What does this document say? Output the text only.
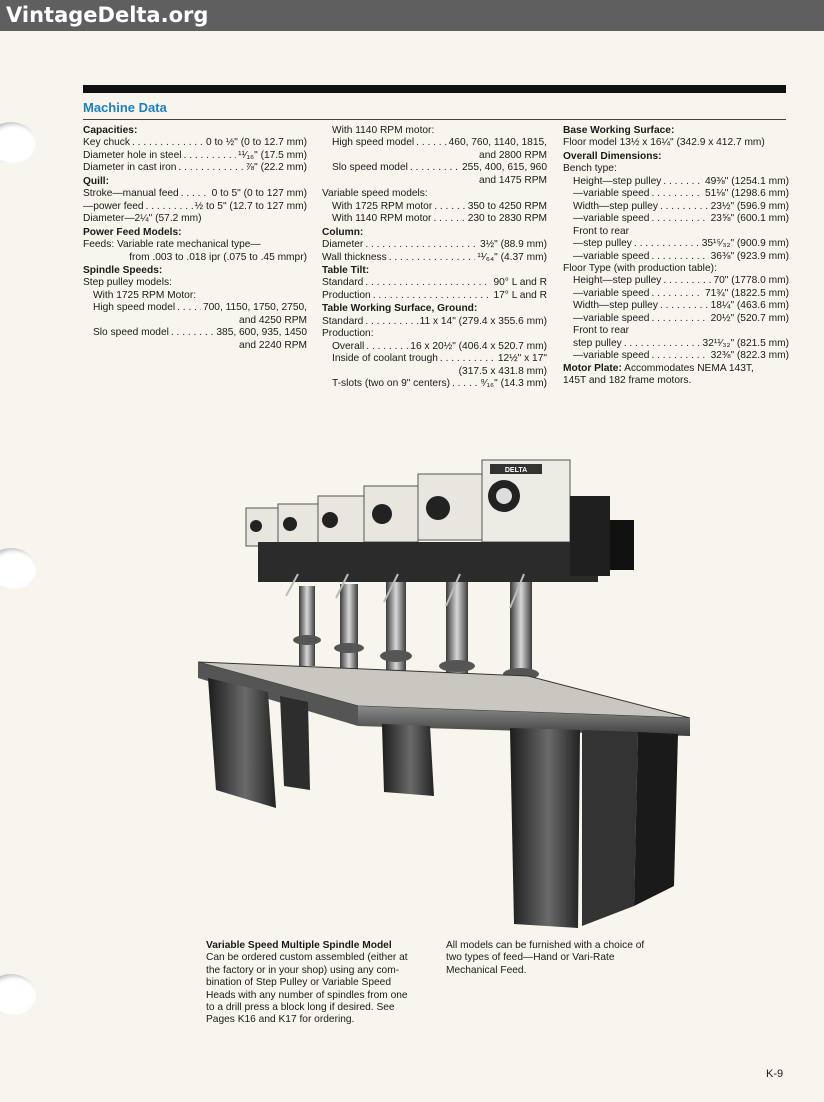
VintageDelta.org
Machine Data
Capacities:
Key chuck . . .	0 to ½" (0 to 12.7 mm)
Diameter hole in steel . . .	¹¹⁄₁₆" (17.5 mm)
Diameter in cast iron . . .	⅞" (22.2 mm)
Quill:
Stroke—manual feed . . .	0 to 5" (0 to 127 mm)
—power feed . . .	½ to 5" (12.7 to 127 mm)
Diameter—2¼" (57.2 mm)
Power Feed Models:
Feeds: Variable rate mechanical type—
from .003 to .018 ipr (.075 to .45 mmpr)
Spindle Speeds:
Step pulley models:
With 1725 RPM Motor:
High speed model . . .	700, 1150, 1750, 2750,
and 4250 RPM
Slo speed model . . .	385, 600, 935, 1450
and 2240 RPM
With 1140 RPM motor:
High speed model . . .	460, 760, 1140, 1815,
and 2800 RPM
Slo speed model . . .	255, 400, 615, 960
and 1475 RPM
Variable speed models:
With 1725 RPM motor . . .	350 to 4250 RPM
With 1140 RPM motor . . .	230 to 2830 RPM
Column:
Diameter . . .	3½" (88.9 mm)
Wall thickness . . .	¹¹⁄₆₄" (4.37 mm)
Table Tilt:
Standard . . .	90° L and R
Production . . .	17° L and R
Table Working Surface, Ground:
Standard . . .	11 x 14" (279.4 x 355.6 mm)
Production:
Overall . . .	16 x 20½" (406.4 x 520.7 mm)
Inside of coolant trough . . .	12½" x 17"
(317.5 x 431.8 mm)
T-slots (two on 9" centers) . . .	⁹⁄₁₆" (14.3 mm)
Base Working Surface:
Floor model 13½ x 16¼" (342.9 x 412.7 mm)
Overall Dimensions:
Bench type:
Height—step pulley . . .	49⅜" (1254.1 mm)
—variable speed . . .	51⅛" (1298.6 mm)
Width—step pulley . . .	23½" (596.9 mm)
—variable speed . . .	23⅝" (600.1 mm)
Front to rear
—step pulley . . .	35¹⁵⁄₃₂" (900.9 mm)
—variable speed . . .	36⅜" (923.9 mm)
Floor Type (with production table):
Height—step pulley . . .	70" (1778.0 mm)
—variable speed . . .	71¾" (1822.5 mm)
Width—step pulley . . .	18¼" (463.6 mm)
—variable speed . . .	20½" (520.7 mm)
Front to rear
step pulley . . .	32¹¹⁄₃₂" (821.5 mm)
—variable speed . . .	32⅜" (822.3 mm)
Motor Plate: Accommodates NEMA 143T,
145T and 182 frame motors.
DELTA
Variable Speed Multiple Spindle Model
Can be ordered custom assembled (either at
the factory or in your shop) using any com-
bination of Step Pulley or Variable Speed
Heads with any number of spindles from one
to a drill press a block long if desired. See
Pages K16 and K17 for ordering.
All models can be furnished with a choice of
two types of feed—Hand or Vari-Rate
Mechanical Feed.
K-9
